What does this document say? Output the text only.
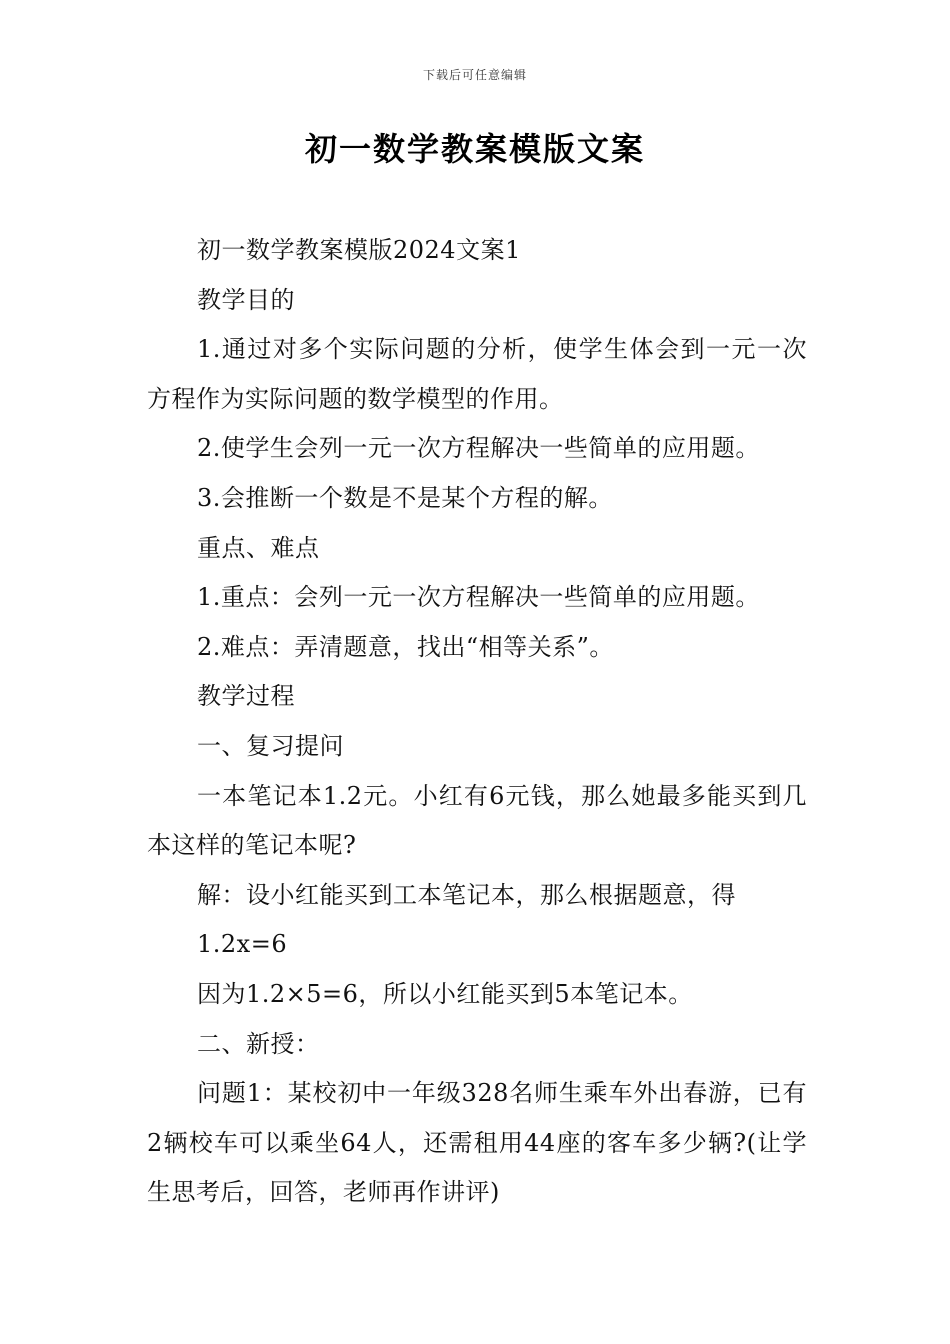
下载后可任意编辑
初一数学教案模版文案

初一数学教案模版2024文案1

教学目的

1.通过对多个实际问题的分析，使学生体会到一元一次方程作为实际问题的数学模型的作用。

2.使学生会列一元一次方程解决一些简单的应用题。

3.会推断一个数是不是某个方程的解。

重点、难点

1.重点：会列一元一次方程解决一些简单的应用题。

2.难点：弄清题意，找出“相等关系”。

教学过程

一、复习提问

一本笔记本1.2元。小红有6元钱，那么她最多能买到几本这样的笔记本呢?

解：设小红能买到工本笔记本，那么根据题意，得

1.2x=6

因为1.2×5=6，所以小红能买到5本笔记本。

二、新授：

问题1：某校初中一年级328名师生乘车外出春游，已有2辆校车可以乘坐64人，还需租用44座的客车多少辆?(让学生思考后，回答，老师再作讲评)
